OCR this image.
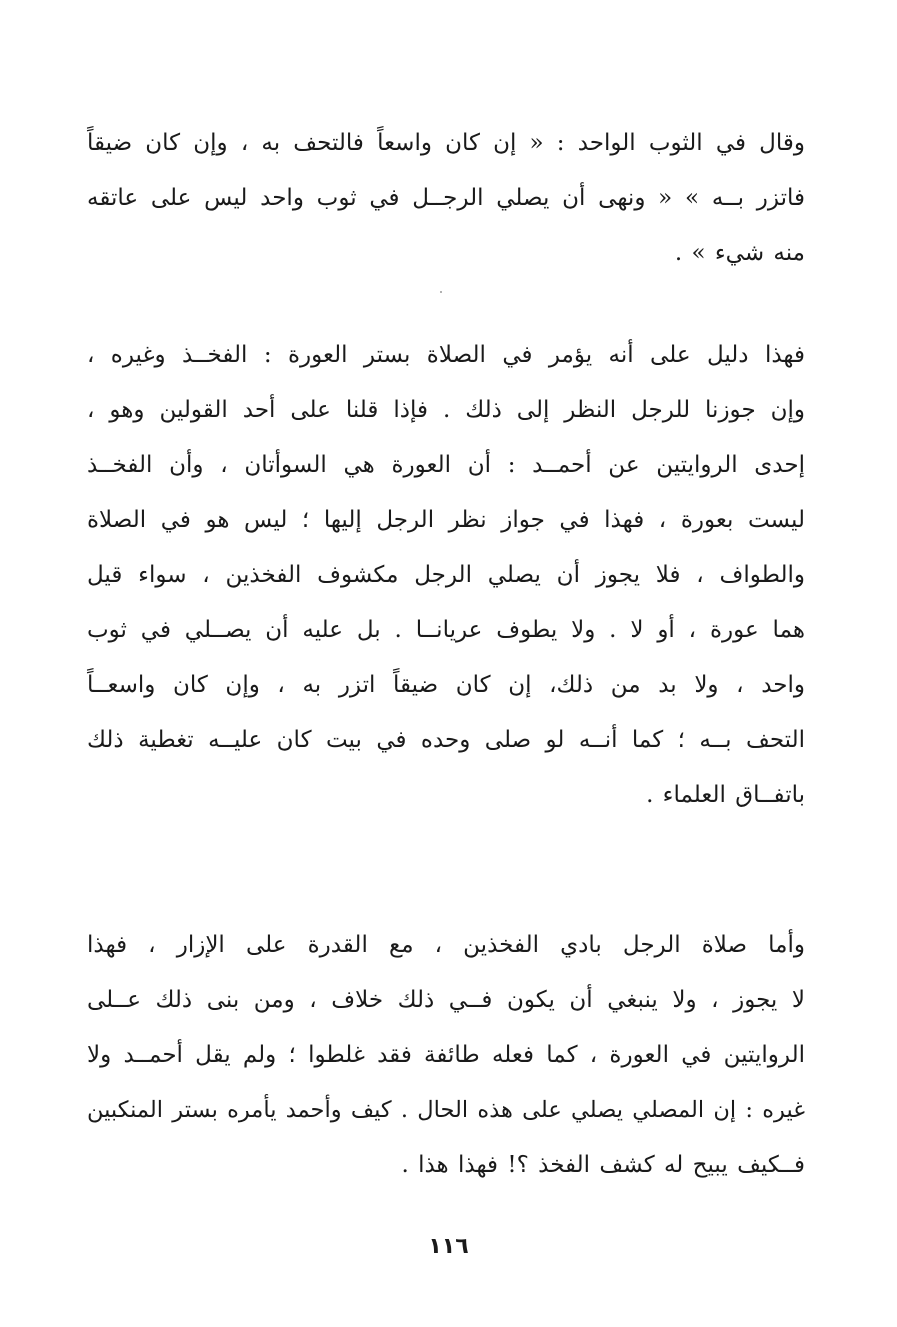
وقال في الثوب الواحد : « إن كان واسعاً فالتحف به ، وإن كان ضيقاً
فاتزر بــه » « ونهى أن يصلي الرجــل في ثوب واحد ليس على عاتقه
منه شيء » .
فهذا دليل على أنه يؤمر في الصلاة بستر العورة : الفخــذ وغيره ،
وإن جوزنا للرجل النظر إلى ذلك . فإذا قلنا على أحد القولين وهو ،
إحدى الروايتين عن أحمــد : أن العورة هي السوأتان ، وأن الفخــذ
ليست بعورة ، فهذا في جواز نظر الرجل إليها ؛ ليس هو في الصلاة
والطواف ، فلا يجوز أن يصلي الرجل مكشوف الفخذين ، سواء قيل
هما عورة ، أو لا . ولا يطوف عريانــا . بل عليه أن يصــلي في ثوب
واحد ، ولا بد من ذلك، إن كان ضيقاً اتزر به ، وإن كان واسعــاً
التحف بــه ؛ كما أنــه لو صلى وحده في بيت كان عليــه تغطية ذلك
باتفــاق العلماء .
وأما صلاة الرجل بادي الفخذين ، مع القدرة على الإزار ، فهذا
لا يجوز ، ولا ينبغي أن يكون فــي ذلك خلاف ، ومن بنى ذلك عــلى
الروايتين في العورة ، كما فعله طائفة فقد غلطوا ؛ ولم يقل أحمــد ولا
غيره : إن المصلي يصلي على هذه الحال . كيف وأحمد يأمره بستر المنكبين
فــكيف يبيح له كشف الفخذ ؟! فهذا هذا .
١١٦
